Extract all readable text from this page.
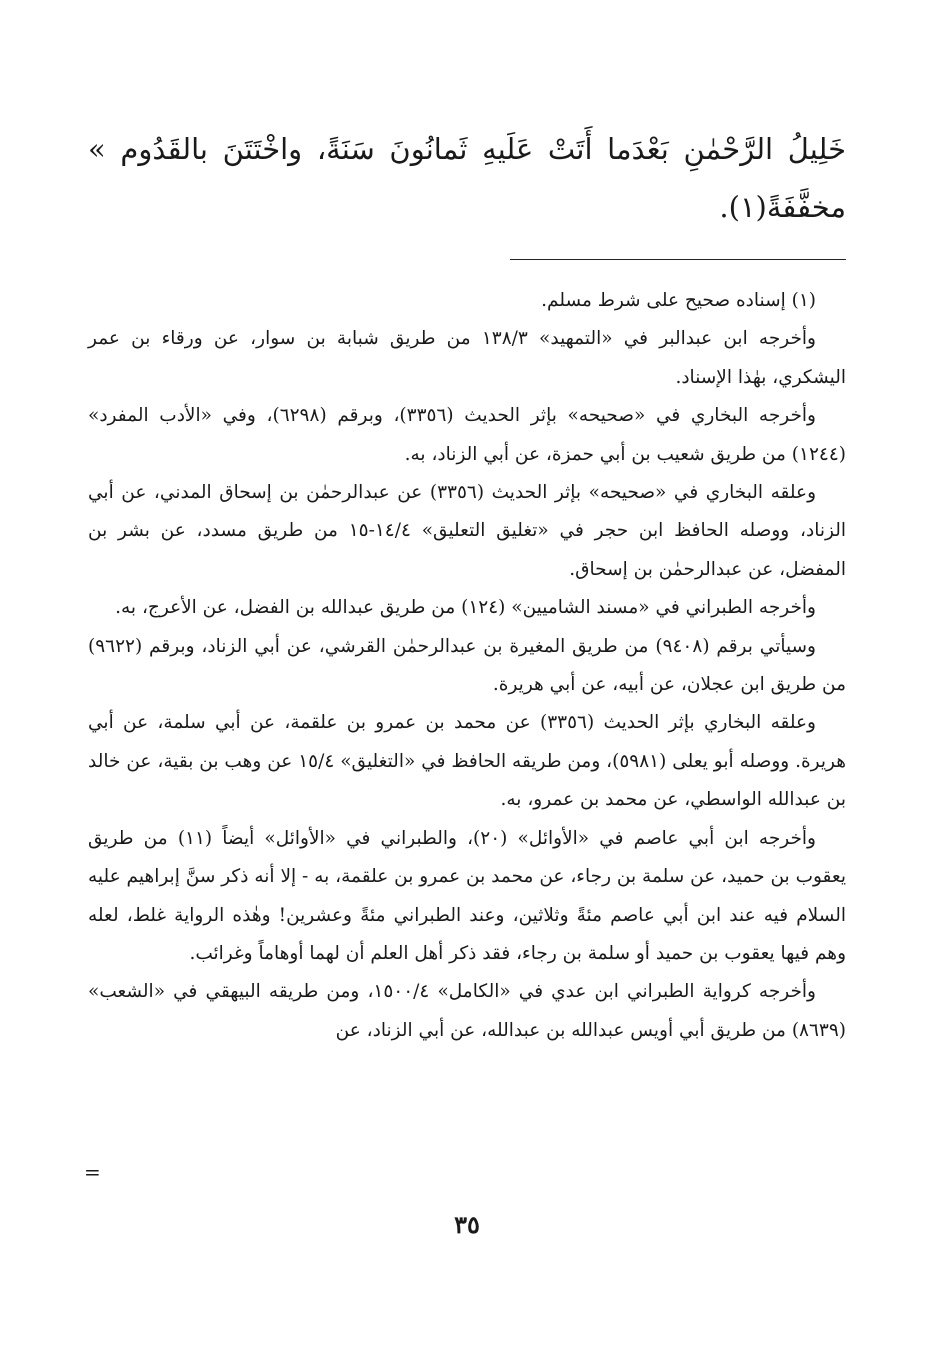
خَلِيلُ الرَّحْمٰنِ بَعْدَما أَتَتْ عَلَيهِ ثَمانُونَ سَنَةً، واخْتَتَنَ بالقَدُوم » مخفَّفَةً(١).

(١) إسناده صحيح على شرط مسلم.

وأخرجه ابن عبدالبر في «التمهيد» ١٣٨/٣ من طريق شبابة بن سوار، عن ورقاء بن عمر اليشكري، بهٰذا الإسناد.

وأخرجه البخاري في «صحيحه» بإثر الحديث (٣٣٥٦)، وبرقم (٦٢٩٨)، وفي «الأدب المفرد» (١٢٤٤) من طريق شعيب بن أبي حمزة، عن أبي الزناد، به.

وعلقه البخاري في «صحيحه» بإثر الحديث (٣٣٥٦) عن عبدالرحمٰن بن إسحاق المدني، عن أبي الزناد، ووصله الحافظ ابن حجر في «تغليق التعليق» ١٤/٤-١٥ من طريق مسدد، عن بشر بن المفضل، عن عبدالرحمٰن بن إسحاق.

وأخرجه الطبراني في «مسند الشاميين» (١٢٤) من طريق عبدالله بن الفضل، عن الأعرج، به.

وسيأتي برقم (٩٤٠٨) من طريق المغيرة بن عبدالرحمٰن القرشي، عن أبي الزناد، وبرقم (٩٦٢٢) من طريق ابن عجلان، عن أبيه، عن أبي هريرة.

وعلقه البخاري بإثر الحديث (٣٣٥٦) عن محمد بن عمرو بن علقمة، عن أبي سلمة، عن أبي هريرة. ووصله أبو يعلى (٥٩٨١)، ومن طريقه الحافظ في «التغليق» ١٥/٤ عن وهب بن بقية، عن خالد بن عبدالله الواسطي، عن محمد بن عمرو، به.

وأخرجه ابن أبي عاصم في «الأوائل» (٢٠)، والطبراني في «الأوائل» أيضاً (١١) من طريق يعقوب بن حميد، عن سلمة بن رجاء، عن محمد بن عمرو بن علقمة، به - إلا أنه ذكر سنَّ إبراهيم عليه السلام فيه عند ابن أبي عاصم مئةً وثلاثين، وعند الطبراني مئةً وعشرين! وهٰذه الرواية غلط، لعله وهم فيها يعقوب بن حميد أو سلمة بن رجاء، فقد ذكر أهل العلم أن لهما أوهاماً وغرائب.

وأخرجه كرواية الطبراني ابن عدي في «الكامل» ١٥٠٠/٤، ومن طريقه البيهقي في «الشعب» (٨٦٣٩) من طريق أبي أويس عبدالله بن عبدالله، عن أبي الزناد، عن

=
٣٥
